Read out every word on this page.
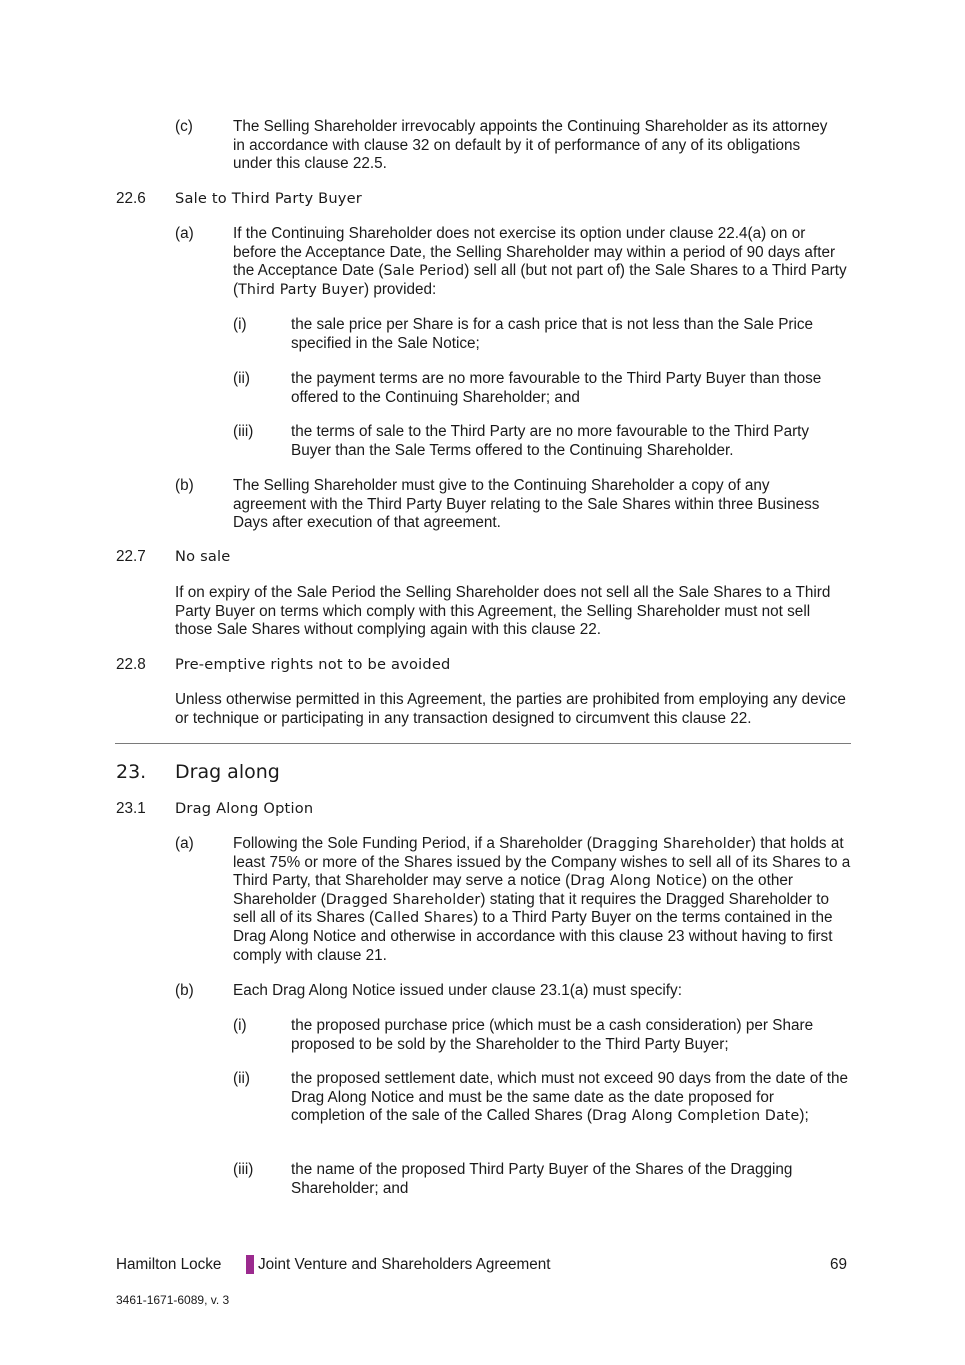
(c)	The Selling Shareholder irrevocably appoints the Continuing Shareholder as its attorney in accordance with clause 32 on default by it of performance of any of its obligations under this clause 22.5.

22.6 Sale to Third Party Buyer
(a)	If the Continuing Shareholder does not exercise its option under clause 22.4(a) on or before the Acceptance Date, the Selling Shareholder may within a period of 90 days after the Acceptance Date (Sale Period) sell all (but not part of) the Sale Shares to a Third Party (Third Party Buyer) provided:

(i)	the sale price per Share is for a cash price that is not less than the Sale Price specified in the Sale Notice;

(ii)	the payment terms are no more favourable to the Third Party Buyer than those offered to the Continuing Shareholder; and

(iii) the terms of sale to the Third Party are no more favourable to the Third Party Buyer than the Sale Terms offered to the Continuing Shareholder.

(b)	The Selling Shareholder must give to the Continuing Shareholder a copy of any agreement with the Third Party Buyer relating to the Sale Shares within three Business Days after execution of that agreement.

22.7 No sale

If on expiry of the Sale Period the Selling Shareholder does not sell all the Sale Shares to a Third Party Buyer on terms which comply with this Agreement, the Selling Shareholder must not sell those Sale Shares without complying again with this clause 22.

22.8 Pre-emptive rights not to be avoided

Unless otherwise permitted in this Agreement, the parties are prohibited from employing any device or technique or participating in any transaction designed to circumvent this clause 22.

23. Drag along
23.1 Drag Along Option
(a)	Following the Sole Funding Period, if a Shareholder (Dragging Shareholder) that holds at least 75% or more of the Shares issued by the Company wishes to sell all of its Shares to a Third Party, that Shareholder may serve a notice (Drag Along Notice) on the other Shareholder (Dragged Shareholder) stating that it requires the Dragged Shareholder to sell all of its Shares (Called Shares) to a Third Party Buyer on the terms contained in the Drag Along Notice and otherwise in accordance with this clause 23 without having to first comply with clause 21.

(b)	Each Drag Along Notice issued under clause 23.1(a) must specify:

(i)	the proposed purchase price (which must be a cash consideration) per Share proposed to be sold by the Shareholder to the Third Party Buyer;

(ii)	the proposed settlement date, which must not exceed 90 days from the date of the Drag Along Notice and must be the same date as the date proposed for completion of the sale of the Called Shares (Drag Along Completion Date);

(iii) the name of the proposed Third Party Buyer of the Shares of the Dragging Shareholder; and

Hamilton Locke Joint Venture and Shareholders Agreement	69
3461-1671-6089, v. 3
